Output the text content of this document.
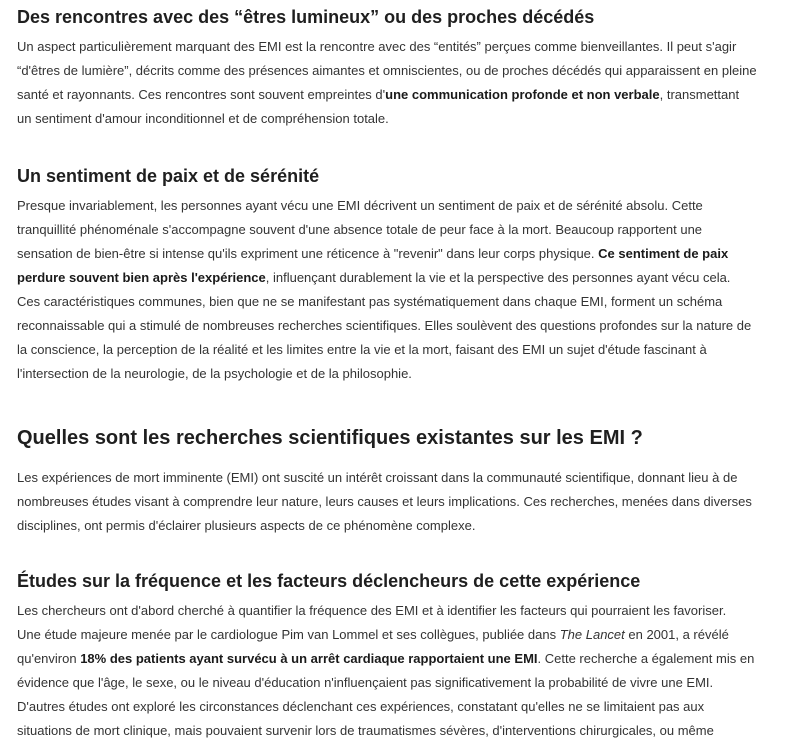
Des rencontres avec des “êtres lumineux” ou des proches décédés

Un aspect particulièrement marquant des EMI est la rencontre avec des “entités” perçues comme bienveillantes. Il peut s'agir
“d'êtres de lumière”, décrits comme des présences aimantes et omniscientes, ou de proches décédés qui apparaissent en pleine
santé et rayonnants. Ces rencontres sont souvent empreintes d'une communication profonde et non verbale, transmettant
un sentiment d'amour inconditionnel et de compréhension totale.

Un sentiment de paix et de sérénité

Presque invariablement, les personnes ayant vécu une EMI décrivent un sentiment de paix et de sérénité absolu. Cette
tranquillité phénoménale s'accompagne souvent d'une absence totale de peur face à la mort. Beaucoup rapportent une
sensation de bien-être si intense qu'ils expriment une réticence à "revenir" dans leur corps physique. Ce sentiment de paix
perdure souvent bien après l'expérience, influençant durablement la vie et la perspective des personnes ayant vécu cela.
Ces caractéristiques communes, bien que ne se manifestant pas systématiquement dans chaque EMI, forment un schéma
reconnaissable qui a stimulé de nombreuses recherches scientifiques. Elles soulèvent des questions profondes sur la nature de
la conscience, la perception de la réalité et les limites entre la vie et la mort, faisant des EMI un sujet d'étude fascinant à
l'intersection de la neurologie, de la psychologie et de la philosophie.

Quelles sont les recherches scientifiques existantes sur les EMI ?

Les expériences de mort imminente (EMI) ont suscité un intérêt croissant dans la communauté scientifique, donnant lieu à de
nombreuses études visant à comprendre leur nature, leurs causes et leurs implications. Ces recherches, menées dans diverses
disciplines, ont permis d'éclairer plusieurs aspects de ce phénomène complexe.

Études sur la fréquence et les facteurs déclencheurs de cette expérience

Les chercheurs ont d'abord cherché à quantifier la fréquence des EMI et à identifier les facteurs qui pourraient les favoriser.
Une étude majeure menée par le cardiologue Pim van Lommel et ses collègues, publiée dans The Lancet en 2001, a révélé
qu'environ 18% des patients ayant survécu à un arrêt cardiaque rapportaient une EMI. Cette recherche a également mis en
évidence que l'âge, le sexe, ou le niveau d'éducation n'influençaient pas significativement la probabilité de vivre une EMI.
D'autres études ont exploré les circonstances déclenchant ces expériences, constatant qu'elles ne se limitaient pas aux
situations de mort clinique, mais pouvaient survenir lors de traumatismes sévères, d'interventions chirurgicales, ou même
